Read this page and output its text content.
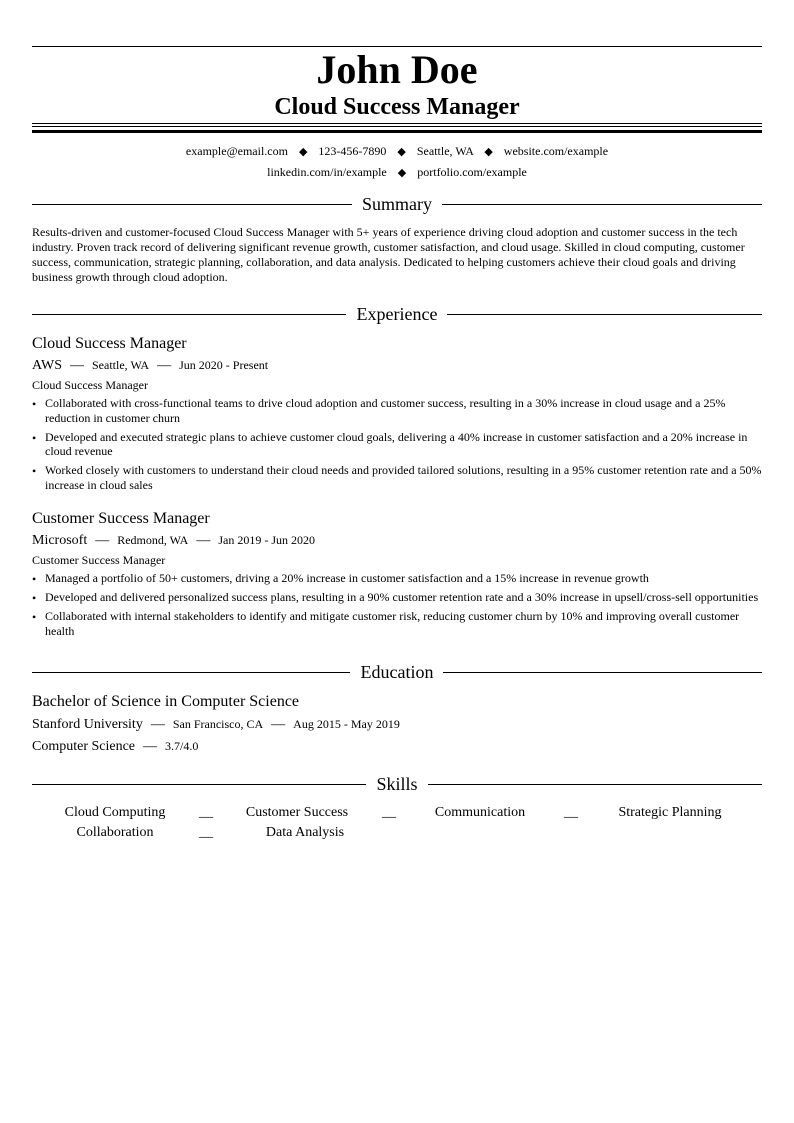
John Doe
Cloud Success Manager
example@email.com ◆ 123-456-7890 ◆ Seattle, WA ◆ website.com/example
linkedin.com/in/example ◆ portfolio.com/example
Summary
Results-driven and customer-focused Cloud Success Manager with 5+ years of experience driving cloud adoption and customer success in the tech industry. Proven track record of delivering significant revenue growth, customer satisfaction, and cloud usage. Skilled in cloud computing, customer success, communication, strategic planning, collaboration, and data analysis. Dedicated to helping customers achieve their cloud goals and driving business growth through cloud adoption.
Experience
Cloud Success Manager
AWS — Seattle, WA — Jun 2020 - Present
Cloud Success Manager
• Collaborated with cross-functional teams to drive cloud adoption and customer success, resulting in a 30% increase in cloud usage and a 25% reduction in customer churn
• Developed and executed strategic plans to achieve customer cloud goals, delivering a 40% increase in customer satisfaction and a 20% increase in cloud revenue
• Worked closely with customers to understand their cloud needs and provided tailored solutions, resulting in a 95% customer retention rate and a 50% increase in cloud sales
Customer Success Manager
Microsoft — Redmond, WA — Jan 2019 - Jun 2020
Customer Success Manager
• Managed a portfolio of 50+ customers, driving a 20% increase in customer satisfaction and a 15% increase in revenue growth
• Developed and delivered personalized success plans, resulting in a 90% customer retention rate and a 30% increase in upsell/cross-sell opportunities
• Collaborated with internal stakeholders to identify and mitigate customer risk, reducing customer churn by 10% and improving overall customer health
Education
Bachelor of Science in Computer Science
Stanford University — San Francisco, CA — Aug 2015 - May 2019
Computer Science — 3.7/4.0
Skills
Cloud Computing	__	Customer Success	__	Communication	__	Strategic Planning
Collaboration	__	Data Analysis
